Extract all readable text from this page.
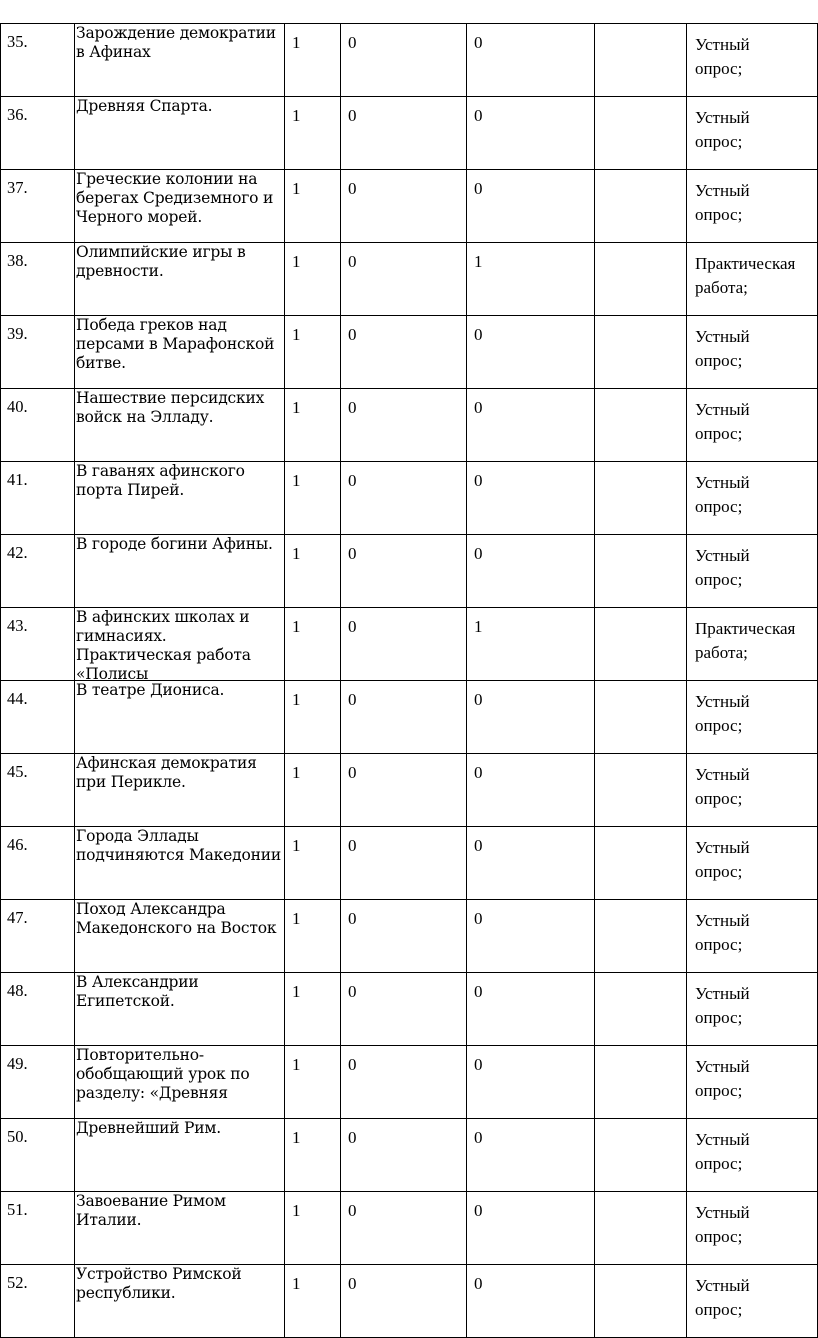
35.	Зарождение демократии в Афинах	1	0	0		Устный
опрос;

36.	Древняя Спарта.	1	0	0		Устный
опрос;

37.	Греческие колонии на берегах Средиземного и Черного морей.	1	0	0		Устный
опрос;

38.	Олимпийские игры в древности.	1	0	1		Практическая
работа;

39.	Победа греков над персами в Марафонской битве.	1	0	0		Устный
опрос;

40.	Нашествие персидских войск на Элладу.	1	0	0		Устный
опрос;

41.	В гаванях афинского порта Пирей.	1	0	0		Устный
опрос;

42.	В городе богини Афины.	1	0	0		Устный
опрос;

43.	В афинских школах и гимнасиях. Практическая работа «Полисы	1	0	1		Практическая
работа;

44.	В театре Диониса.	1	0	0		Устный
опрос;

45.	Афинская демократия при Перикле.	1	0	0		Устный
опрос;

46.	Города Эллады подчиняются Македонии	1	0	0		Устный
опрос;

47.	Поход Александра Македонского на Восток	1	0	0		Устный
опрос;

48.	В Александрии Египетской.	1	0	0		Устный
опрос;

49.	Повторительно-обобщающий урок по разделу: «Древняя	1	0	0		Устный
опрос;

50.	Древнейший Рим.	1	0	0		Устный
опрос;

51.	Завоевание Римом Италии.	1	0	0		Устный
опрос;

52.	Устройство Римской республики.	1	0	0		Устный
опрос;
